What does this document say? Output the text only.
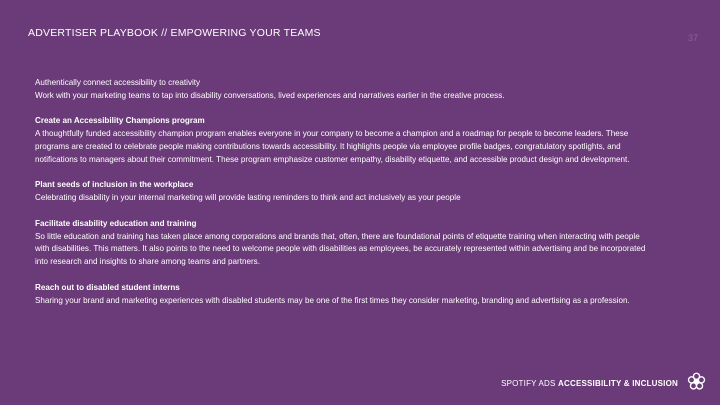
ADVERTISER PLAYBOOK // EMPOWERING YOUR TEAMS	37

Authentically connect accessibility to creativity

Work with your marketing teams to tap into disability conversations, lived experiences and narratives earlier in the creative process.

Create an Accessibility Champions program

A thoughtfully funded accessibility champion program enables everyone in your company to become a champion and a roadmap for people to become leaders. These programs are created to celebrate people making contributions towards accessibility. It highlights people via employee profile badges, congratulatory spotlights, and notifications to managers about their commitment. These program emphasize customer empathy, disability etiquette, and accessible product design and development.

Plant seeds of inclusion in the workplace

Celebrating disability in your internal marketing will provide lasting reminders to think and act inclusively as your people

Facilitate disability education and training

So little education and training has taken place among corporations and brands that, often, there are foundational points of etiquette training when interacting with people with disabilities. This matters. It also points to the need to welcome people with disabilities as employees, be accurately represented within advertising and be incorporated into research and insights to share among teams and partners.

Reach out to disabled student interns

Sharing your brand and marketing experiences with disabled students may be one of the first times they consider marketing, branding and advertising as a profession.

SPOTIFY ADS ACCESSIBILITY & INCLUSION
